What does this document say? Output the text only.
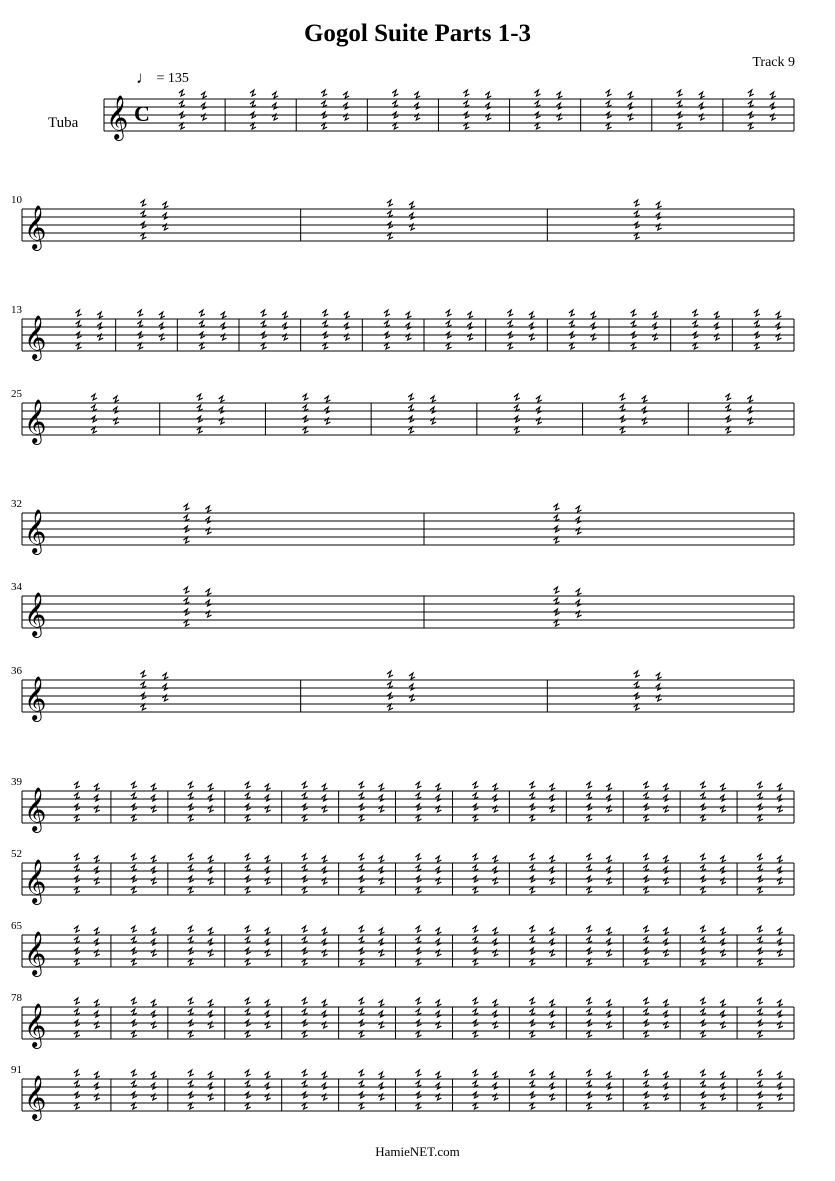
𝄞 C
𝄞
10
𝄞
13
𝄞
25
𝄞
32
𝄞
34
𝄞
36
𝄞
39
𝄞
52
𝄞
65
𝄞
78
𝄞
91
Gogol Suite Parts 1-3
Track 9
♩ = 135
Tuba
HamieNET.com
